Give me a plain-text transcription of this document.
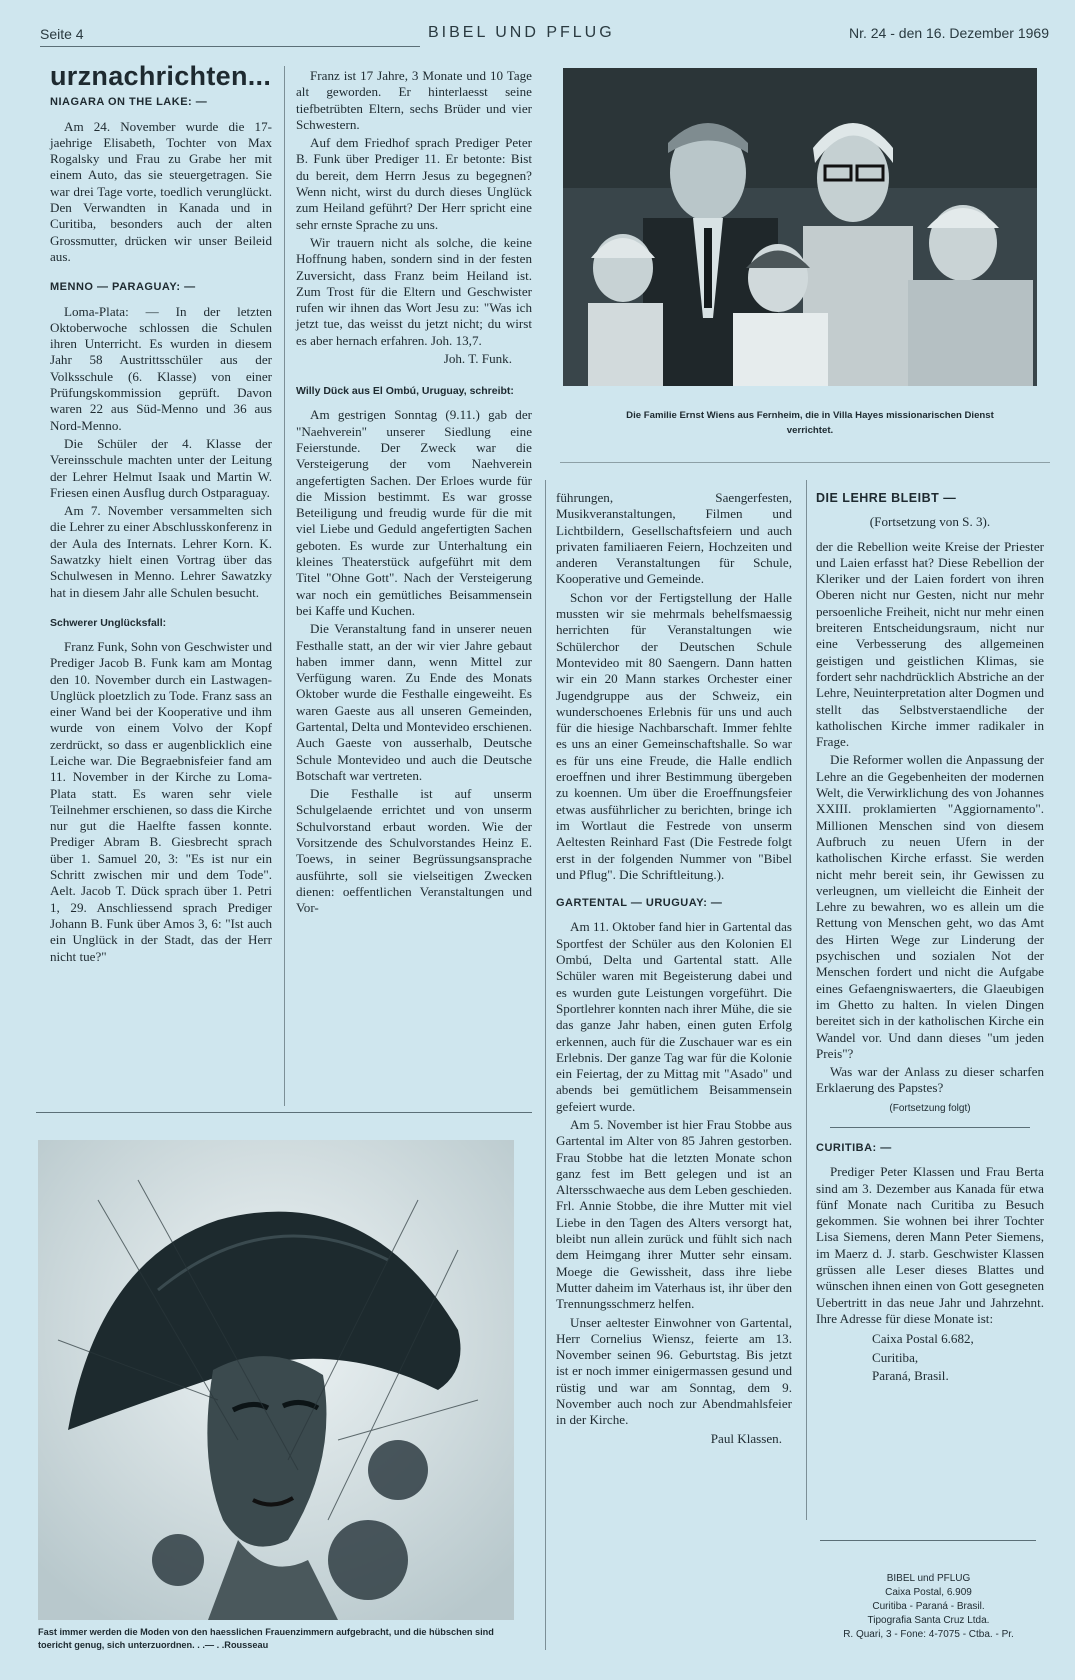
Seite 4	BIBEL UND PFLUG	Nr. 24 - den 16. Dezember 1969
urznachrichten...
NIAGARA ON THE LAKE: —

Am 24. November wurde die 17-jaehrige Elisabeth, Tochter von Max Rogalsky und Frau zu Grabe her mit einem Auto, das sie steuergetragen. Sie war drei Tage vorte, toedlich verunglückt. Den Verwandten in Kanada und in Curitiba, besonders auch der alten Grossmutter, drücken wir unser Beileid aus.

MENNO — PARAGUAY: —

Loma-Plata: — In der letzten Oktoberwoche schlossen die Schulen ihren Unterricht. Es wurden in diesem Jahr 58 Austrittsschüler aus der Volksschule (6. Klasse) von einer Prüfungskommission geprüft. Davon waren 22 aus Süd-Menno und 36 aus Nord-Menno.

Die Schüler der 4. Klasse der Vereinsschule machten unter der Leitung der Lehrer Helmut Isaak und Martin W. Friesen einen Ausflug durch Ostparaguay.

Am 7. November versammelten sich die Lehrer zu einer Abschlusskonferenz in der Aula des Internats. Lehrer Korn. K. Sawatzky hielt einen Vortrag über das Schulwesen in Menno. Lehrer Sawatzky hat in diesem Jahr alle Schulen besucht.

Schwerer Unglücksfall:

Franz Funk, Sohn von Geschwister und Prediger Jacob B. Funk kam am Montag den 10. November durch ein Lastwagen-Unglück ploetzlich zu Tode. Franz sass an einer Wand bei der Kooperative und ihm wurde von einem Volvo der Kopf zerdrückt, so dass er augenblicklich eine Leiche war. Die Begraebnisfeier fand am 11. November in der Kirche zu Loma-Plata statt. Es waren sehr viele Teilnehmer erschienen, so dass die Kirche nur gut die Haelfte fassen konnte. Prediger Abram B. Giesbrecht sprach über 1. Samuel 20, 3: "Es ist nur ein Schritt zwischen mir und dem Tode". Aelt. Jacob T. Dück sprach über 1. Petri 1, 29. Anschliessend sprach Prediger Johann B. Funk über Amos 3, 6: "Ist auch ein Unglück in der Stadt, das der Herr nicht tue?"

Franz ist 17 Jahre, 3 Monate und 10 Tage alt geworden. Er hinterlaesst seine tiefbetrübten Eltern, sechs Brüder und vier Schwestern.

Auf dem Friedhof sprach Prediger Peter B. Funk über Prediger 11. Er betonte: Bist du bereit, dem Herrn Jesus zu begegnen? Wenn nicht, wirst du durch dieses Unglück zum Heiland geführt? Der Herr spricht eine sehr ernste Sprache zu uns.

Wir trauern nicht als solche, die keine Hoffnung haben, sondern sind in der festen Zuversicht, dass Franz beim Heiland ist. Zum Trost für die Eltern und Geschwister rufen wir ihnen das Wort Jesu zu: "Was ich jetzt tue, das weisst du jetzt nicht; du wirst es aber hernach erfahren. Joh. 13,7.

Joh. T. Funk.

Willy Dück aus El Ombú, Uruguay, schreibt:

Am gestrigen Sonntag (9.11.) gab der "Naehverein" unserer Siedlung eine Feierstunde. Der Zweck war die Versteigerung der vom Naehverein angefertigten Sachen. Der Erloes wurde für die Mission bestimmt. Es war grosse Beteiligung und freudig wurde für die mit viel Liebe und Geduld angefertigten Sachen geboten. Es wurde zur Unterhaltung ein kleines Theaterstück aufgeführt mit dem Titel "Ohne Gott". Nach der Versteigerung war noch ein gemütliches Beisammensein bei Kaffe und Kuchen.

Die Veranstaltung fand in unserer neuen Festhalle statt, an der wir vier Jahre gebaut haben immer dann, wenn Mittel zur Verfügung waren. Zu Ende des Monats Oktober wurde die Festhalle eingeweiht. Es waren Gaeste aus all unseren Gemeinden, Gartental, Delta und Montevideo erschienen. Auch Gaeste von ausserhalb, Deutsche Schule Montevideo und auch die Deutsche Botschaft war vertreten.

Die Festhalle ist auf unserm Schulgelaende errichtet und von unserm Schulvorstand erbaut worden. Wie der Vorsitzende des Schulvorstandes Heinz E. Toews, in seiner Begrüssungsansprache ausführte, soll sie vielseitigen Zwecken dienen: oeffentlichen Veranstaltungen und Vor-

Die Familie Ernst Wiens aus Fernheim, die in Villa Hayes missionarischen Dienst verrichtet.

führungen, Saengerfesten, Musikveranstaltungen, Filmen und Lichtbildern, Gesellschaftsfeiern und auch privaten familiaeren Feiern, Hochzeiten und anderen Veranstaltungen für Schule, Kooperative und Gemeinde.

Schon vor der Fertigstellung der Halle mussten wir sie mehrmals behelfsmaessig herrichten für Veranstaltungen wie Schülerchor der Deutschen Schule Montevideo mit 80 Saengern. Dann hatten wir ein 20 Mann starkes Orchester einer Jugendgruppe aus der Schweiz, ein wunderschoenes Erlebnis für uns und auch für die hiesige Nachbarschaft. Immer fehlte es uns an einer Gemeinschaftshalle. So war es für uns eine Freude, die Halle endlich eroeffnen und ihrer Bestimmung übergeben zu koennen. Um über die Eroeffnungsfeier etwas ausführlicher zu berichten, bringe ich im Wortlaut die Festrede von unserm Aeltesten Reinhard Fast (Die Festrede folgt erst in der folgenden Nummer von "Bibel und Pflug". Die Schriftleitung.).

GARTENTAL — URUGUAY: —

Am 11. Oktober fand hier in Gartental das Sportfest der Schüler aus den Kolonien El Ombú, Delta und Gartental statt. Alle Schüler waren mit Begeisterung dabei und es wurden gute Leistungen vorgeführt. Die Sportlehrer konnten nach ihrer Mühe, die sie das ganze Jahr haben, einen guten Erfolg erkennen, auch für die Zuschauer war es ein Erlebnis. Der ganze Tag war für die Kolonie ein Feiertag, der zu Mittag mit "Asado" und abends bei gemütlichem Beisammensein gefeiert wurde.

Am 5. November ist hier Frau Stobbe aus Gartental im Alter von 85 Jahren gestorben. Frau Stobbe hat die letzten Monate schon ganz fest im Bett gelegen und ist an Altersschwaeche aus dem Leben geschieden. Frl. Annie Stobbe, die ihre Mutter mit viel Liebe in den Tagen des Alters versorgt hat, bleibt nun allein zurück und fühlt sich nach dem Heimgang ihrer Mutter sehr einsam. Moege die Gewissheit, dass ihre liebe Mutter daheim im Vaterhaus ist, ihr über den Trennungsschmerz helfen.

Unser aeltester Einwohner von Gartental, Herr Cornelius Wiensz, feierte am 13. November seinen 96. Geburtstag. Bis jetzt ist er noch immer einigermassen gesund und rüstig und war am Sonntag, dem 9. November auch noch zur Abendmahlsfeier in der Kirche.

Paul Klassen.

DIE LEHRE BLEIBT —

(Fortsetzung von S. 3).

der die Rebellion weite Kreise der Priester und Laien erfasst hat? Diese Rebellion der Kleriker und der Laien fordert von ihren Oberen nicht nur Gesten, nicht nur mehr persoenliche Freiheit, nicht nur mehr einen breiteren Entscheidungsraum, nicht nur eine Verbesserung des allgemeinen geistigen und geistlichen Klimas, sie fordert sehr nachdrücklich Abstriche an der Lehre, Neuinterpretation alter Dogmen und stellt das Selbstverstaendliche der katholischen Kirche immer radikaler in Frage.

Die Reformer wollen die Anpassung der Lehre an die Gegebenheiten der modernen Welt, die Verwirklichung des von Johannes XXIII. proklamierten "Aggiornamento". Millionen Menschen sind von diesem Aufbruch zu neuen Ufern in der katholischen Kirche erfasst. Sie werden nicht mehr bereit sein, ihr Gewissen zu verleugnen, um vielleicht die Einheit der Lehre zu bewahren, wo es allein um die Rettung von Menschen geht, wo das Amt des Hirten Wege zur Linderung der psychischen und sozialen Not der Menschen fordert und nicht die Aufgabe eines Gefaengniswaerters, die Glaeubigen im Ghetto zu halten. In vielen Dingen bereitet sich in der katholischen Kirche ein Wandel vor. Und dann dieses "um jeden Preis"?

Was war der Anlass zu dieser scharfen Erklaerung des Papstes?

(Fortsetzung folgt)
CURITIBA: —

Prediger Peter Klassen und Frau Berta sind am 3. Dezember aus Kanada für etwa fünf Monate nach Curitiba zu Besuch gekommen. Sie wohnen bei ihrer Tochter Lisa Siemens, deren Mann Peter Siemens, im Maerz d. J. starb. Geschwister Klassen grüssen alle Leser dieses Blattes und wünschen ihnen einen von Gott gesegneten Uebertritt in das neue Jahr und Jahrzehnt. Ihre Adresse für diese Monate ist:

Caixa Postal 6.682,

Curitiba,

Paraná, Brasil.

BIBEL und PFLUG
Caixa Postal, 6.909
Curitiba - Paraná - Brasil.
Tipografia Santa Cruz Ltda.
R. Quari, 3 - Fone: 4-7075 - Ctba. - Pr.
Fast immer werden die Moden von den haesslichen Frauenzimmern aufgebracht, und die hübschen sind toericht genug, sich unterzuordnen. . .— . .Rousseau
